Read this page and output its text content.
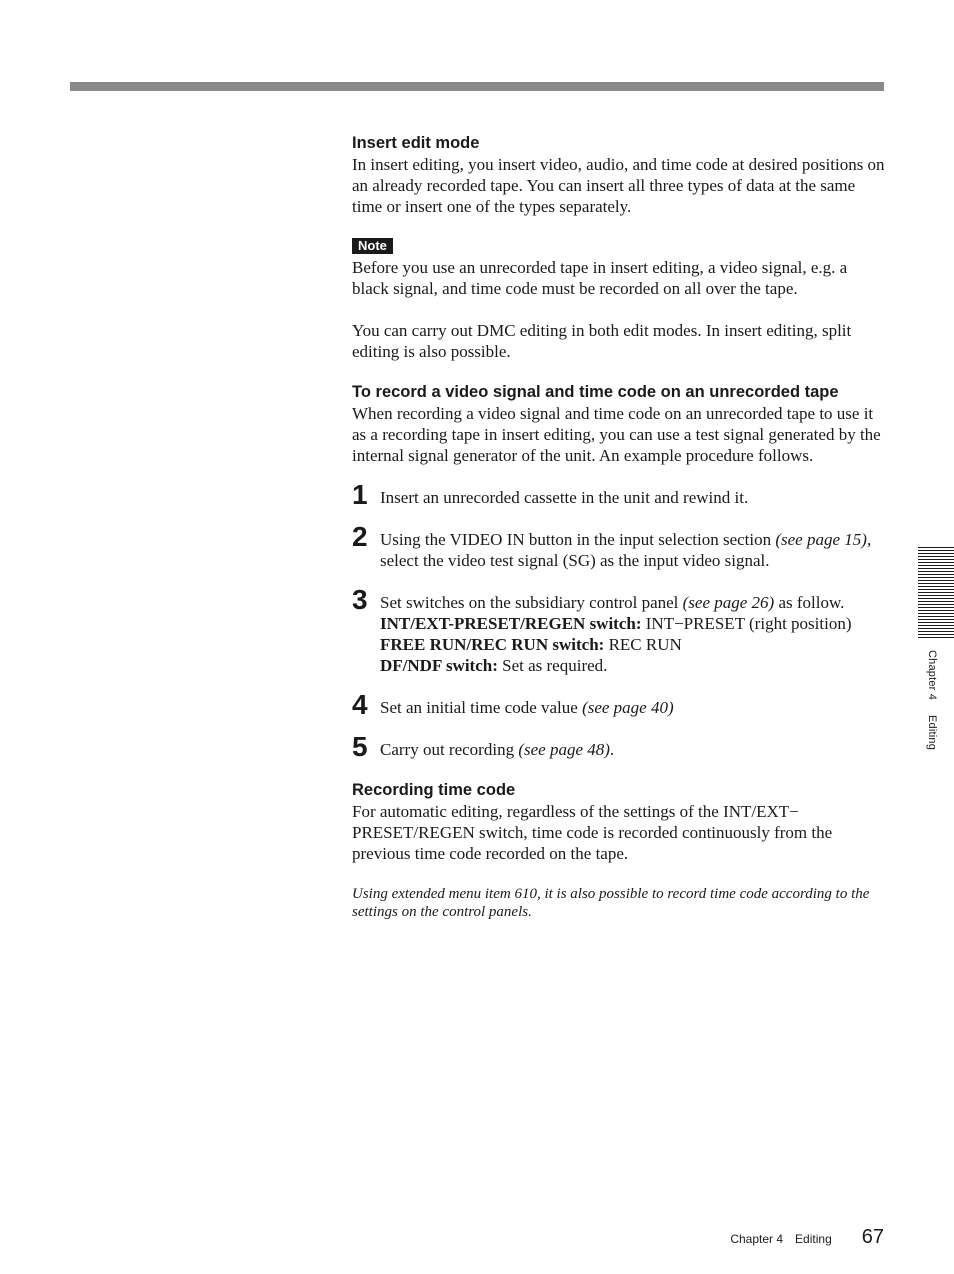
Insert edit mode

In insert editing, you insert video, audio, and time code at desired positions on an already recorded tape. You can insert all three types of data at the same time or insert one of the types separately.

Note

Before you use an unrecorded tape in insert editing, a video signal, e.g. a black signal, and time code must be recorded on all over the tape.

You can carry out DMC editing in both edit modes. In insert editing, split editing is also possible.

To record a video signal and time code on an unrecorded tape

When recording a video signal and time code on an unrecorded tape to use it as a recording tape in insert editing, you can use a test signal generated by the internal signal generator of the unit. An example procedure follows.

1 Insert an unrecorded cassette in the unit and rewind it.
2 Using the VIDEO IN button in the input selection section (see page 15), select the video test signal (SG) as the input video signal.
3 Set switches on the subsidiary control panel (see page 26) as follow.
INT/EXT-PRESET/REGEN switch: INT−PRESET (right position)
FREE RUN/REC RUN switch: REC RUN
DF/NDF switch: Set as required.
4 Set an initial time code value (see page 40)
5 Carry out recording (see page 48).
Recording time code

For automatic editing, regardless of the settings of the INT/EXT− PRESET/REGEN switch, time code is recorded continuously from the previous time code recorded on the tape.

Using extended menu item 610, it is also possible to record time code according to the settings on the control panels.

Chapter 4 Editing
Chapter 4 Editing 67
